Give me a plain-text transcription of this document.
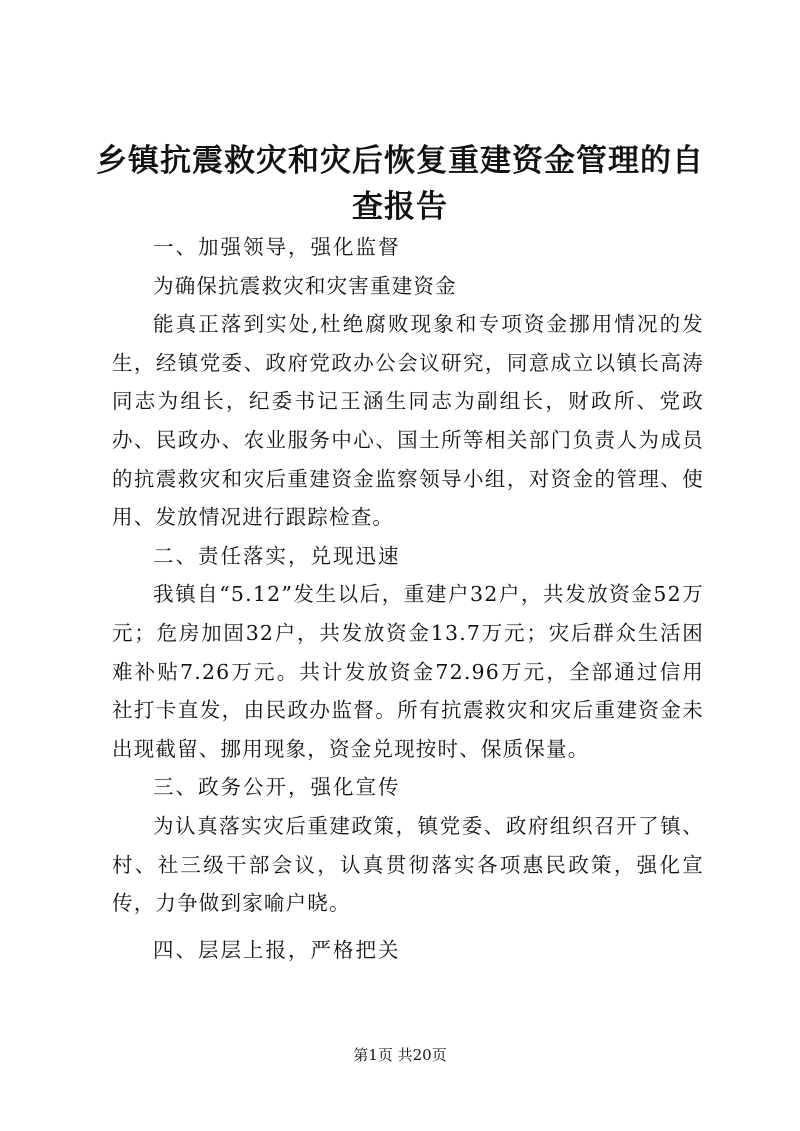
乡镇抗震救灾和灾后恢复重建资金管理的自查报告

一、加强领导，强化监督

为确保抗震救灾和灾害重建资金

能真正落到实处,杜绝腐败现象和专项资金挪用情况的发生，经镇党委、政府党政办公会议研究，同意成立以镇长高涛同志为组长，纪委书记王涵生同志为副组长，财政所、党政办、民政办、农业服务中心、国土所等相关部门负责人为成员的抗震救灾和灾后重建资金监察领导小组，对资金的管理、使用、发放情况进行跟踪检查。

二、责任落实，兑现迅速

我镇自“5.12”发生以后，重建户32户，共发放资金52万元；危房加固32户，共发放资金13.7万元；灾后群众生活困难补贴7.26万元。共计发放资金72.96万元，全部通过信用社打卡直发，由民政办监督。所有抗震救灾和灾后重建资金未出现截留、挪用现象，资金兑现按时、保质保量。

三、政务公开，强化宣传

为认真落实灾后重建政策，镇党委、政府组织召开了镇、村、社三级干部会议，认真贯彻落实各项惠民政策，强化宣传，力争做到家喻户晓。

四、层层上报，严格把关

第1页 共20页
